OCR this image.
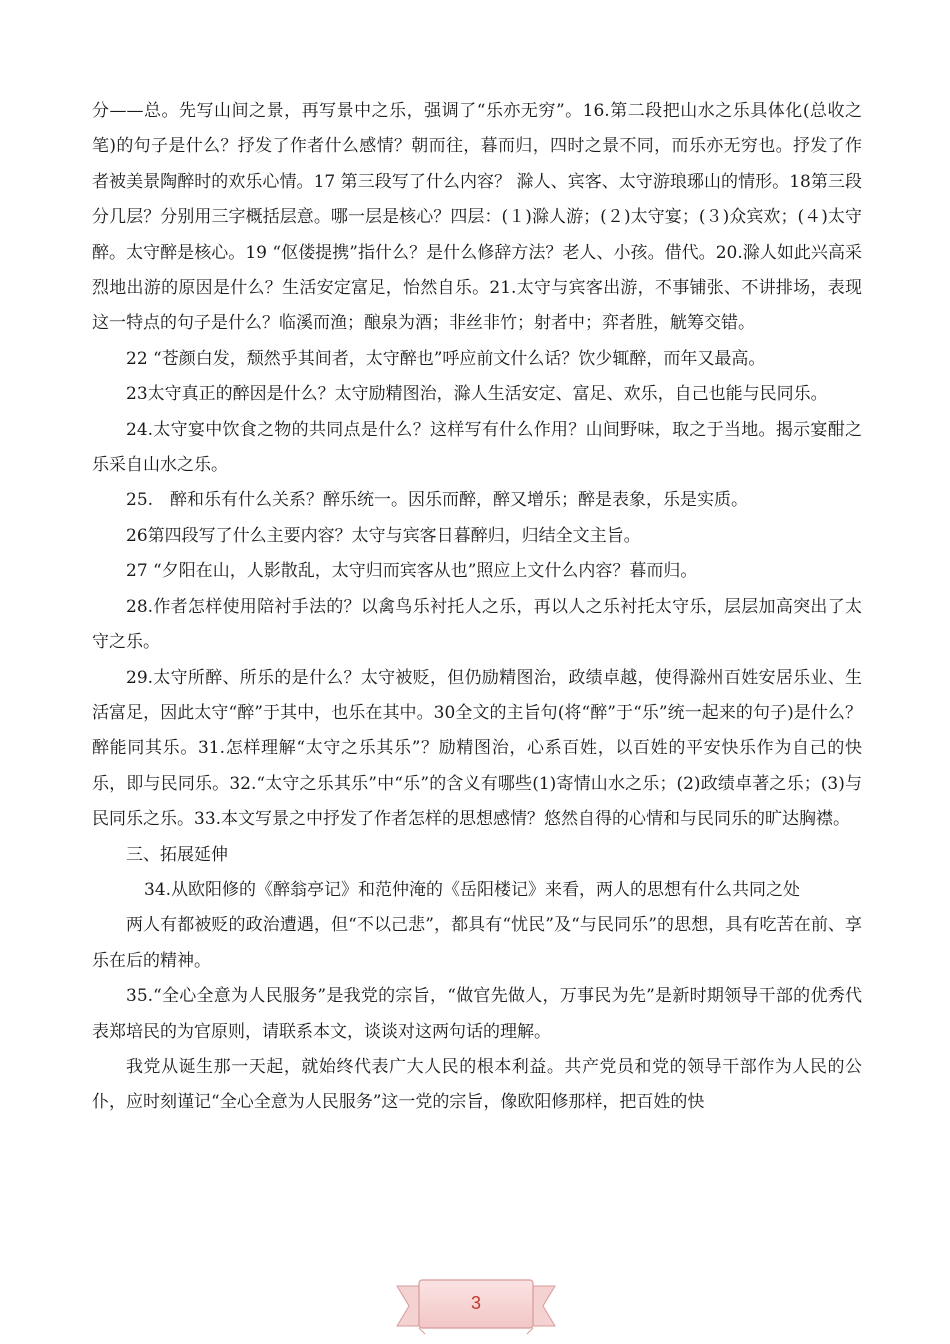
分——总。先写山间之景，再写景中之乐，强调了“乐亦无穷”。16.第二段把山水之乐具体化(总收之笔)的句子是什么？抒发了作者什么感情？朝而往，暮而归，四时之景不同，而乐亦无穷也。抒发了作者被美景陶醉时的欢乐心情。17 第三段写了什么内容？ 滁人、宾客、太守游琅琊山的情形。18第三段分几层？分别用三字概括层意。哪一层是核心？四层：(１)滁人游；(２)太守宴；(３)众宾欢；(４)太守醉。太守醉是核心。19 “伛偻提携”指什么？是什么修辞方法？老人、小孩。借代。20.滁人如此兴高采烈地出游的原因是什么？生活安定富足，怡然自乐。21.太守与宾客出游，不事铺张、不讲排场，表现这一特点的句子是什么？临溪而渔；酿泉为酒；非丝非竹；射者中；弈者胜，觥筹交错。

22 “苍颜白发，颓然乎其间者，太守醉也”呼应前文什么话？饮少辄醉，而年又最高。

23太守真正的醉因是什么？太守励精图治，滁人生活安定、富足、欢乐，自己也能与民同乐。

24.太守宴中饮食之物的共同点是什么？这样写有什么作用？山间野味，取之于当地。揭示宴酣之乐采自山水之乐。

25.　醉和乐有什么关系？醉乐统一。因乐而醉，醉又增乐；醉是表象，乐是实质。

26第四段写了什么主要内容？太守与宾客日暮醉归，归结全文主旨。

27 “夕阳在山，人影散乱，太守归而宾客从也”照应上文什么内容？暮而归。

28.作者怎样使用陪衬手法的？以禽鸟乐衬托人之乐，再以人之乐衬托太守乐，层层加高突出了太守之乐。

29.太守所醉、所乐的是什么？太守被贬，但仍励精图治，政绩卓越，使得滁州百姓安居乐业、生活富足，因此太守“醉”于其中，也乐在其中。30全文的主旨句(将“醉”于“乐”统一起来的句子)是什么？醉能同其乐。31.怎样理解“太守之乐其乐”？励精图治，心系百姓，以百姓的平安快乐作为自己的快乐，即与民同乐。32.“太守之乐其乐”中“乐”的含义有哪些(1)寄情山水之乐；(2)政绩卓著之乐；(3)与民同乐之乐。33.本文写景之中抒发了作者怎样的思想感情？悠然自得的心情和与民同乐的旷达胸襟。

三、拓展延伸

34.从欧阳修的《醉翁亭记》和范仲淹的《岳阳楼记》来看，两人的思想有什么共同之处

两人有都被贬的政治遭遇，但“不以己悲”，都具有“忧民”及“与民同乐”的思想，具有吃苦在前、享乐在后的精神。

35.“全心全意为人民服务”是我党的宗旨，“做官先做人，万事民为先”是新时期领导干部的优秀代表郑培民的为官原则，请联系本文，谈谈对这两句话的理解。

我党从诞生那一天起，就始终代表广大人民的根本利益。共产党员和党的领导干部作为人民的公仆，应时刻谨记“全心全意为人民服务”这一党的宗旨，像欧阳修那样，把百姓的快

3
